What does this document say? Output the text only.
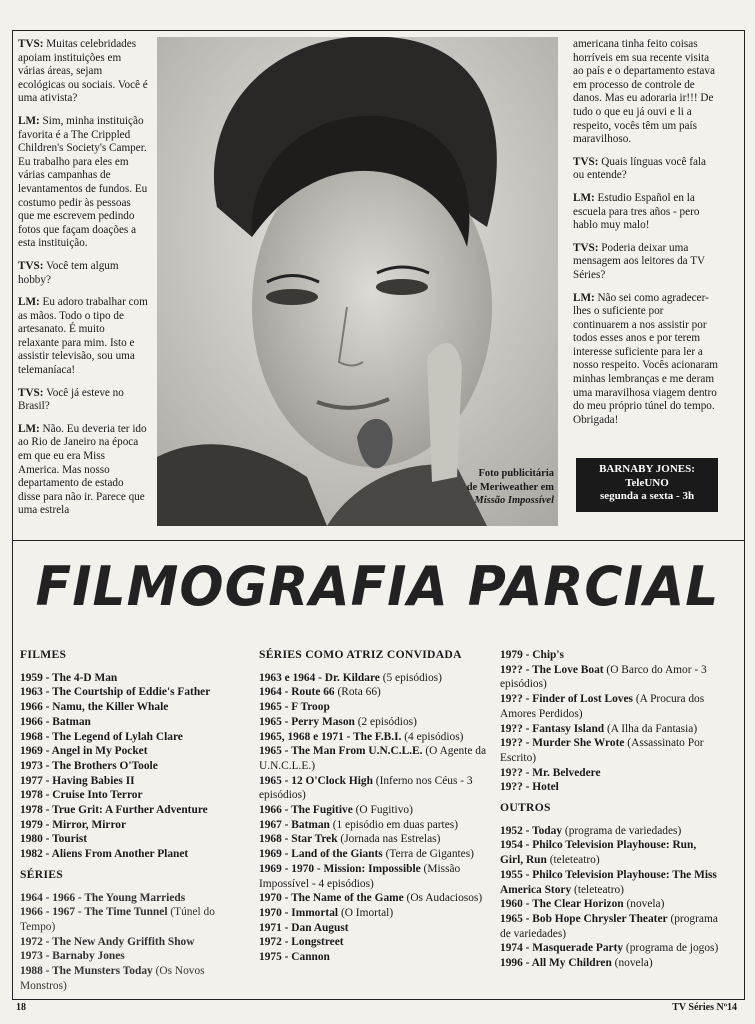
TVS: Muitas celebridades apoiam instituições em várias áreas, sejam ecológicas ou sociais. Você é uma ativista?

LM: Sim, minha instituição favorita é a The Crippled Children's Society's Camper. Eu trabalho para eles em várias campanhas de levantamentos de fundos. Eu costumo pedir às pessoas que me escrevem pedindo fotos que façam doações a esta instituição.

TVS: Você tem algum hobby?

LM: Eu adoro trabalhar com as mãos. Todo o tipo de artesanato. É muito relaxante para mim. Isto e assistir televisão, sou uma telemaníaca!

TVS: Você já esteve no Brasil?

LM: Não. Eu deveria ter ido ao Rio de Janeiro na época em que eu era Miss America. Mas nosso departamento de estado disse para não ir. Parece que uma estrela

Foto publicitária
de Meriweather em
Missão Impossível

americana tinha feito coisas horríveis em sua recente visita ao país e o departamento estava em processo de controle de danos. Mas eu adoraria ir!!! De tudo o que eu já ouvi e li a respeito, vocês têm um país maravilhoso.

TVS: Quais línguas você fala ou entende?

LM: Estudio Español en la escuela para tres años - pero hablo muy malo!

TVS: Poderia deixar uma mensagem aos leitores da TV Séries?

LM: Não sei como agradecer-lhes o suficiente por continuarem a nos assistir por todos esses anos e por terem interesse suficiente para ler a nosso respeito. Vocês acionaram minhas lembranças e me deram uma maravilhosa viagem dentro do meu próprio túnel do tempo. Obrigada!

BARNABY JONES:
TeleUNO
segunda a sexta - 3h
FILMOGRAFIA PARCIAL
FILMES
1959 - The 4-D Man
1963 - The Courtship of Eddie's Father
1966 - Namu, the Killer Whale
1966 - Batman
1968 - The Legend of Lylah Clare
1969 - Angel in My Pocket
1973 - The Brothers O'Toole
1977 - Having Babies II
1978 - Cruise Into Terror
1978 - True Grit: A Further Adventure
1979 - Mirror, Mirror
1980 - Tourist
1982 - Aliens From Another Planet
SÉRIES
1964 - 1966 - The Young Marrieds
1966 - 1967 - The Time Tunnel (Túnel do Tempo)
1972 - The New Andy Griffith Show
1973 - Barnaby Jones
1988 - The Munsters Today (Os Novos Monstros)
SÉRIES COMO ATRIZ CONVIDADA
1963 e 1964 - Dr. Kildare (5 episódios)
1964 - Route 66 (Rota 66)
1965 - F Troop
1965 - Perry Mason (2 episódios)
1965, 1968 e 1971 - The F.B.I. (4 episódios)
1965 - The Man From U.N.C.L.E. (O Agente da U.N.C.L.E.)
1965 - 12 O'Clock High (Inferno nos Céus - 3 episódios)
1966 - The Fugitive (O Fugitivo)
1967 - Batman (1 episódio em duas partes)
1968 - Star Trek (Jornada nas Estrelas)
1969 - Land of the Giants (Terra de Gigantes)
1969 - 1970 - Mission: Impossible (Missão Impossível - 4 episódios)
1970 - The Name of the Game (Os Audaciosos)
1970 - Immortal (O Imortal)
1971 - Dan August
1972 - Longstreet
1975 - Cannon
1979 - Chip's
19?? - The Love Boat (O Barco do Amor - 3 episódios)
19?? - Finder of Lost Loves (A Procura dos Amores Perdidos)
19?? - Fantasy Island (A Ilha da Fantasia)
19?? - Murder She Wrote (Assassinato Por Escrito)
19?? - Mr. Belvedere
19?? - Hotel
OUTROS
1952 - Today (programa de variedades)
1954 - Philco Television Playhouse: Run, Girl, Run (teleteatro)
1955 - Philco Television Playhouse: The Miss America Story (teleteatro)
1960 - The Clear Horizon (novela)
1965 - Bob Hope Chrysler Theater (programa de variedades)
1974 - Masquerade Party (programa de jogos)
1996 - All My Children (novela)
18	TV Séries Nº14
